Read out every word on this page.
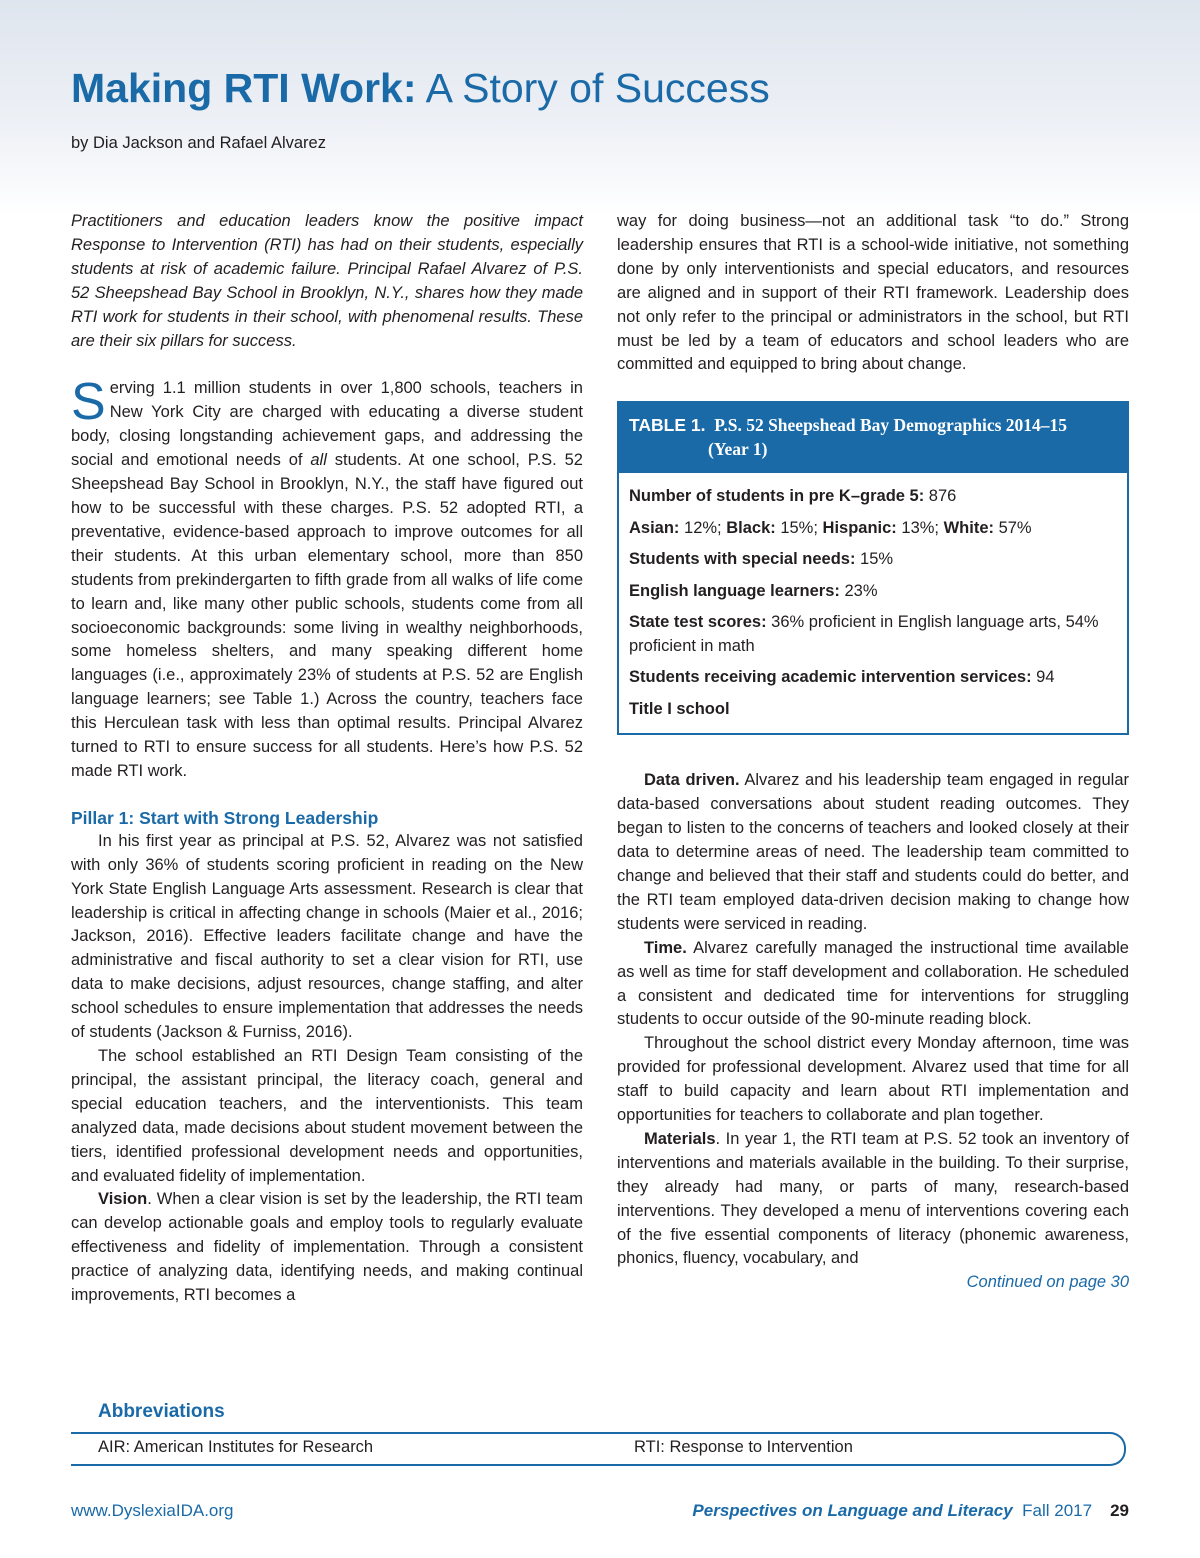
Making RTI Work: A Story of Success
by Dia Jackson and Rafael Alvarez

Practitioners and education leaders know the positive impact Response to Intervention (RTI) has had on their students, especially students at risk of academic failure. Principal Rafael Alvarez of P.S. 52 Sheepshead Bay School in Brooklyn, N.Y., shares how they made RTI work for students in their school, with phenomenal results. These are their six pillars for success.

Serving 1.1 million students in over 1,800 schools, teachers in New York City are charged with educating a diverse student body, closing longstanding achievement gaps, and addressing the social and emotional needs of all students. At one school, P.S. 52 Sheepshead Bay School in Brooklyn, N.Y., the staff have figured out how to be successful with these charges. P.S. 52 adopted RTI, a preventative, evidence-based approach to improve outcomes for all their students. At this urban elementary school, more than 850 students from prekindergarten to fifth grade from all walks of life come to learn and, like many other public schools, students come from all socioeconomic backgrounds: some living in wealthy neighborhoods, some homeless shelters, and many speaking different home languages (i.e., approximately 23% of students at P.S. 52 are English language learners; see Table 1.) Across the country, teachers face this Herculean task with less than optimal results. Principal Alvarez turned to RTI to ensure success for all students. Here’s how P.S. 52 made RTI work.

Pillar 1: Start with Strong Leadership

In his first year as principal at P.S. 52, Alvarez was not satisfied with only 36% of students scoring proficient in reading on the New York State English Language Arts assessment. Research is clear that leadership is critical in affecting change in schools (Maier et al., 2016; Jackson, 2016). Effective leaders facilitate change and have the administrative and fiscal authority to set a clear vision for RTI, use data to make decisions, adjust resources, change staffing, and alter school schedules to ensure implementation that addresses the needs of students (Jackson & Furniss, 2016).

The school established an RTI Design Team consisting of the principal, the assistant principal, the literacy coach, general and special education teachers, and the interventionists. This team analyzed data, made decisions about student movement between the tiers, identified professional development needs and opportunities, and evaluated fidelity of implementation.

Vision. When a clear vision is set by the leadership, the RTI team can develop actionable goals and employ tools to regularly evaluate effectiveness and fidelity of implementation. Through a consistent practice of analyzing data, identifying needs, and making continual improvements, RTI becomes a

way for doing business—not an additional task “to do.” Strong leadership ensures that RTI is a school-wide initiative, not something done by only interventionists and special educators, and resources are aligned and in support of their RTI framework. Leadership does not only refer to the principal or administrators in the school, but RTI must be led by a team of educators and school leaders who are committed and equipped to bring about change.

TABLE 1. P.S. 52 Sheepshead Bay Demographics 2014–15
(Year 1)

Number of students in pre K–grade 5: 876

Asian: 12%; Black: 15%; Hispanic: 13%; White: 57%

Students with special needs: 15%

English language learners: 23%

State test scores: 36% proficient in English language arts, 54% proficient in math

Students receiving academic intervention services: 94

Title I school

Data driven. Alvarez and his leadership team engaged in regular data-based conversations about student reading outcomes. They began to listen to the concerns of teachers and looked closely at their data to determine areas of need. The leadership team committed to change and believed that their staff and students could do better, and the RTI team employed data-driven decision making to change how students were serviced in reading.

Time. Alvarez carefully managed the instructional time available as well as time for staff development and collaboration. He scheduled a consistent and dedicated time for interventions for struggling students to occur outside of the 90-minute reading block.

Throughout the school district every Monday afternoon, time was provided for professional development. Alvarez used that time for all staff to build capacity and learn about RTI implementation and opportunities for teachers to collaborate and plan together.

Materials. In year 1, the RTI team at P.S. 52 took an inventory of interventions and materials available in the building. To their surprise, they already had many, or parts of many, research-based interventions. They developed a menu of interventions covering each of the five essential components of literacy (phonemic awareness, phonics, fluency, vocabulary, and

Continued on page 30

Abbreviations
AIR: American Institutes for Research	RTI: Response to Intervention
www.DyslexiaIDA.org	Perspectives on Language and Literacy Fall 2017 29
